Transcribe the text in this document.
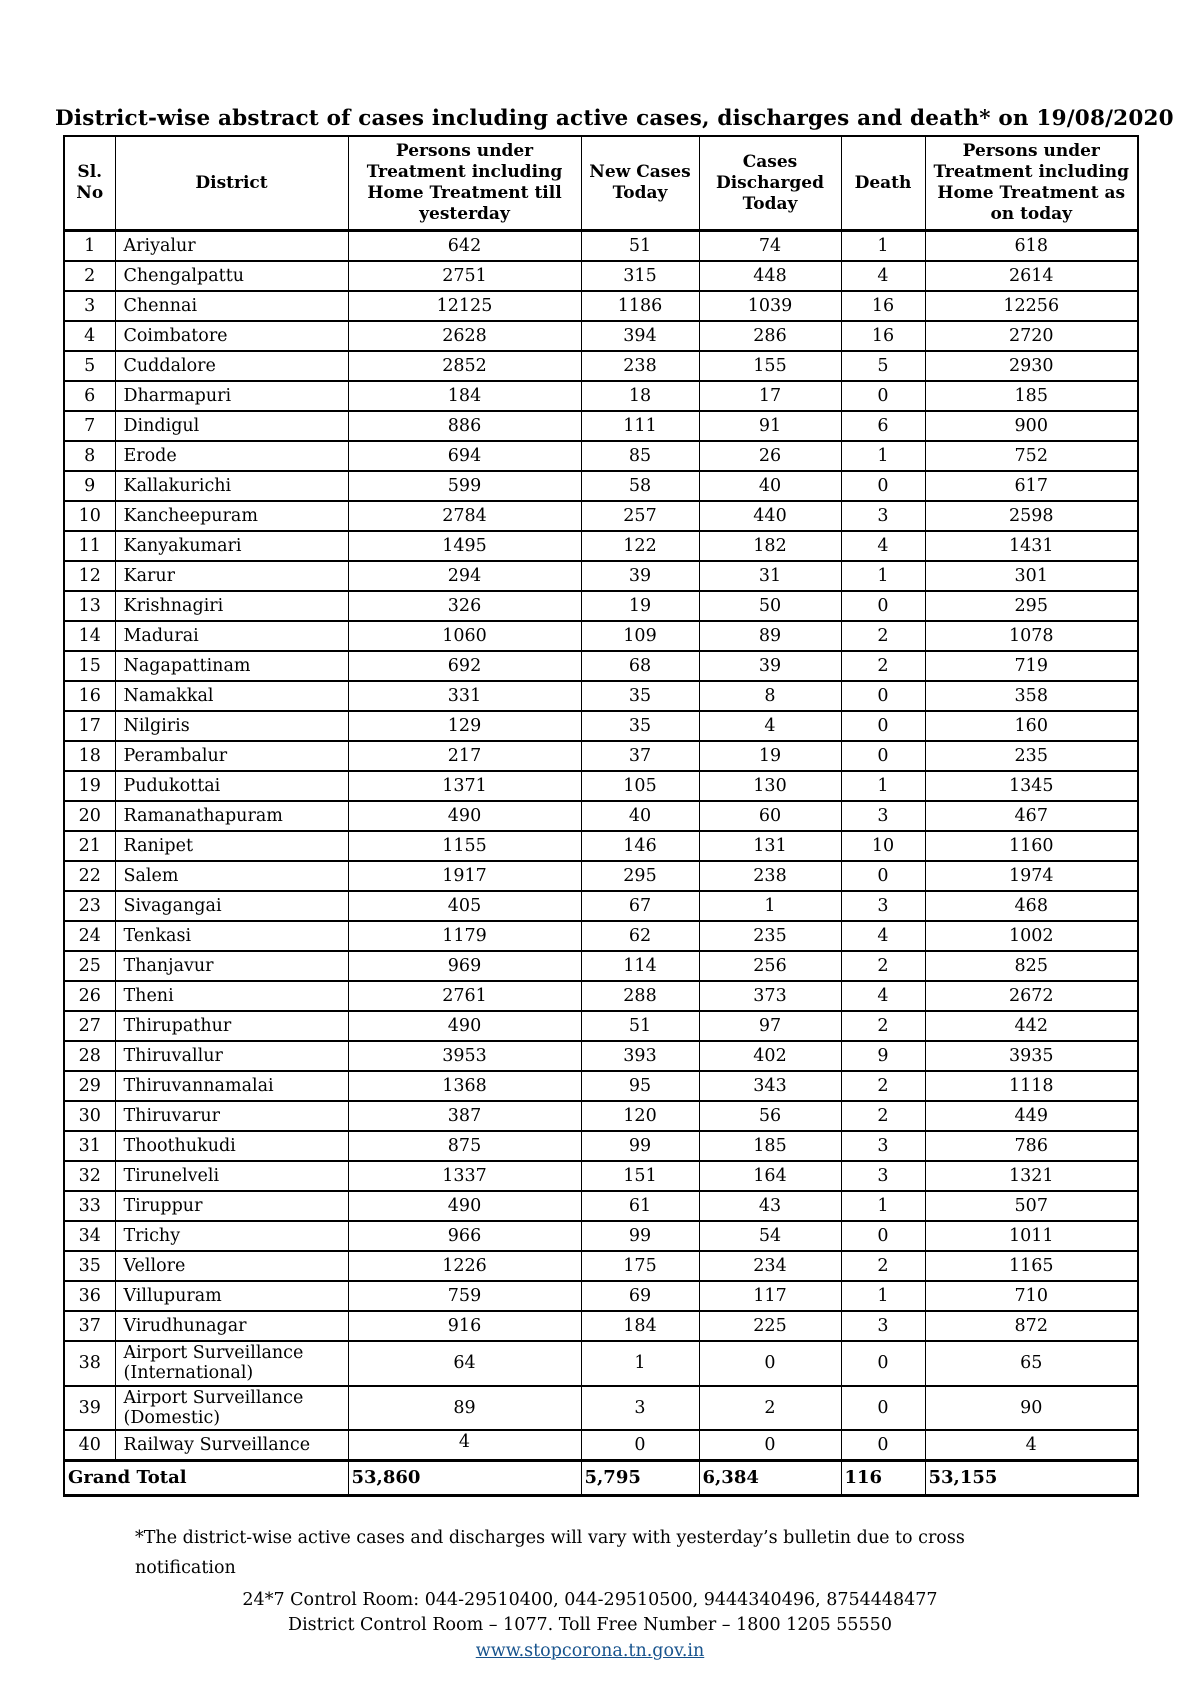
District-wise abstract of cases including active cases, discharges and death* on 19/08/2020
Sl. No	District	Persons under Treatment including Home Treatment till yesterday	New Cases Today	Cases Discharged Today	Death	Persons under Treatment including Home Treatment as on today
1	Ariyalur	642	51	74	1	618
2	Chengalpattu	2751	315	448	4	2614
3	Chennai	12125	1186	1039	16	12256
4	Coimbatore	2628	394	286	16	2720
5	Cuddalore	2852	238	155	5	2930
6	Dharmapuri	184	18	17	0	185
7	Dindigul	886	111	91	6	900
8	Erode	694	85	26	1	752
9	Kallakurichi	599	58	40	0	617
10	Kancheepuram	2784	257	440	3	2598
11	Kanyakumari	1495	122	182	4	1431
12	Karur	294	39	31	1	301
13	Krishnagiri	326	19	50	0	295
14	Madurai	1060	109	89	2	1078
15	Nagapattinam	692	68	39	2	719
16	Namakkal	331	35	8	0	358
17	Nilgiris	129	35	4	0	160
18	Perambalur	217	37	19	0	235
19	Pudukottai	1371	105	130	1	1345
20	Ramanathapuram	490	40	60	3	467
21	Ranipet	1155	146	131	10	1160
22	Salem	1917	295	238	0	1974
23	Sivagangai	405	67	1	3	468
24	Tenkasi	1179	62	235	4	1002
25	Thanjavur	969	114	256	2	825
26	Theni	2761	288	373	4	2672
27	Thirupathur	490	51	97	2	442
28	Thiruvallur	3953	393	402	9	3935
29	Thiruvannamalai	1368	95	343	2	1118
30	Thiruvarur	387	120	56	2	449
31	Thoothukudi	875	99	185	3	786
32	Tirunelveli	1337	151	164	3	1321
33	Tiruppur	490	61	43	1	507
34	Trichy	966	99	54	0	1011
35	Vellore	1226	175	234	2	1165
36	Villupuram	759	69	117	1	710
37	Virudhunagar	916	184	225	3	872
38	Airport Surveillance (International)	64	1	0	0	65
39	Airport Surveillance (Domestic)	89	3	2	0	90
40	Railway Surveillance	4	0	0	0	4
Grand Total		53,860	5,795	6,384	116	53,155
*The district-wise active cases and discharges will vary with yesterday’s bulletin due to cross notification
24*7 Control Room: 044-29510400, 044-29510500, 9444340496, 8754448477
District Control Room – 1077. Toll Free Number – 1800 1205 55550
www.stopcorona.tn.gov.in
